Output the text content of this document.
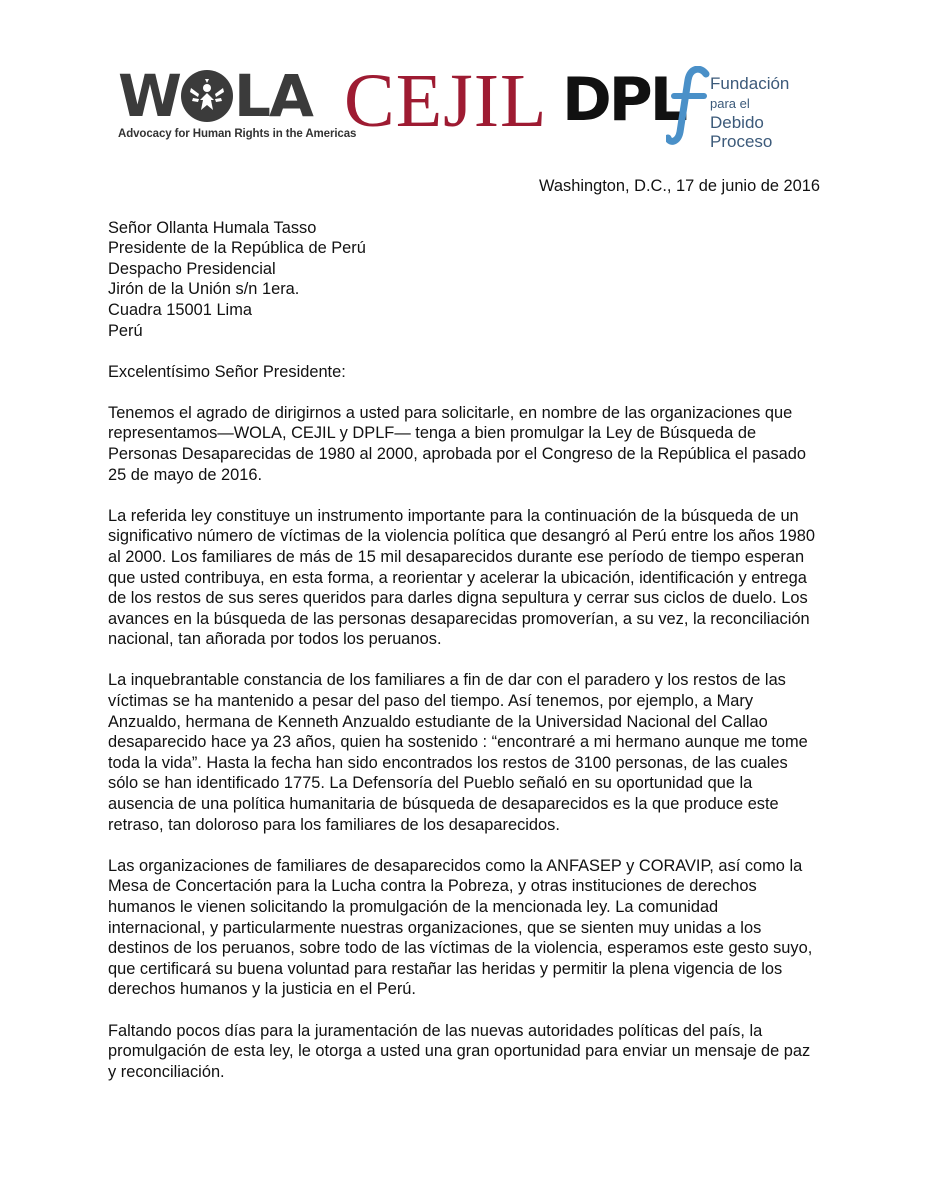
W LA
Advocacy for Human Rights in the Americas
CEJIL DPL Fundación
para el Debido
Proceso
Washington, D.C., 17 de junio de 2016
Señor Ollanta Humala Tasso
Presidente de la República de Perú
Despacho Presidencial
Jirón de la Unión s/n 1era.
Cuadra 15001 Lima
Perú
Excelentísimo Señor Presidente:

Tenemos el agrado de dirigirnos a usted para solicitarle, en nombre de las organizaciones que representamos—WOLA, CEJIL y DPLF— tenga a bien promulgar la Ley de Búsqueda de Personas Desaparecidas de 1980 al 2000, aprobada por el Congreso de la República el pasado 25 de mayo de 2016.

La referida ley constituye un instrumento importante para la continuación de la búsqueda de un significativo número de víctimas de la violencia política que desangró al Perú entre los años 1980 al 2000. Los familiares de más de 15 mil desaparecidos durante ese período de tiempo esperan que usted contribuya, en esta forma, a reorientar y acelerar la ubicación, identificación y entrega de los restos de sus seres queridos para darles digna sepultura y cerrar sus ciclos de duelo. Los avances en la búsqueda de las personas desaparecidas promoverían, a su vez, la reconciliación nacional, tan añorada por todos los peruanos.

La inquebrantable constancia de los familiares a fin de dar con el paradero y los restos de las víctimas se ha mantenido a pesar del paso del tiempo. Así tenemos, por ejemplo, a Mary Anzualdo, hermana de Kenneth Anzualdo estudiante de la Universidad Nacional del Callao desaparecido hace ya 23 años, quien ha sostenido : “encontraré a mi hermano aunque me tome toda la vida”. Hasta la fecha han sido encontrados los restos de 3100 personas, de las cuales sólo se han identificado 1775. La Defensoría del Pueblo señaló en su oportunidad que la ausencia de una política humanitaria de búsqueda de desaparecidos es la que produce este retraso, tan doloroso para los familiares de los desaparecidos.

Las organizaciones de familiares de desaparecidos como la ANFASEP y CORAVIP, así como la Mesa de Concertación para la Lucha contra la Pobreza, y otras instituciones de derechos humanos le vienen solicitando la promulgación de la mencionada ley. La comunidad internacional, y particularmente nuestras organizaciones, que se sienten muy unidas a los destinos de los peruanos, sobre todo de las víctimas de la violencia, esperamos este gesto suyo, que certificará su buena voluntad para restañar las heridas y permitir la plena vigencia de los derechos humanos y la justicia en el Perú.

Faltando pocos días para la juramentación de las nuevas autoridades políticas del país, la promulgación de esta ley, le otorga a usted una gran oportunidad para enviar un mensaje de paz y reconciliación.
